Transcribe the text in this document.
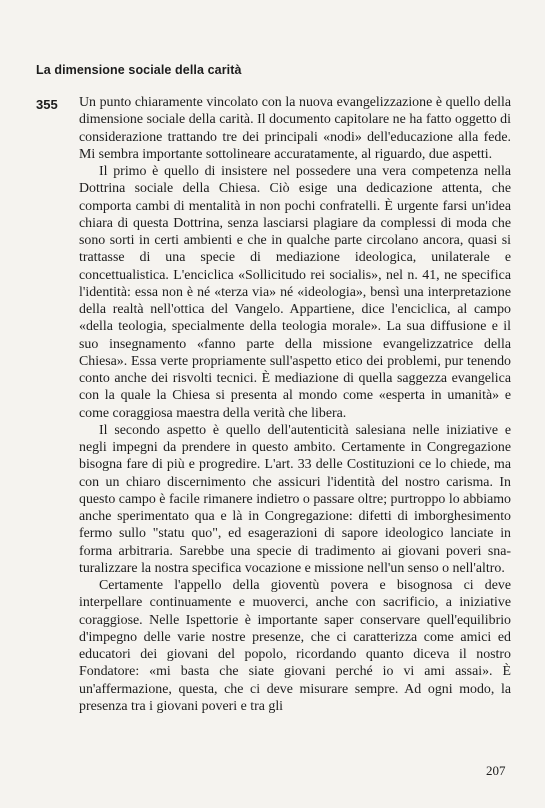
La dimensione sociale della carità
355 Un punto chiaramente vincolato con la nuova evangelizzazione è quello della dimensione sociale della carità. Il documento capitolare ne ha fatto oggetto di considerazione trattando tre dei principali «nodi» dell'educazione alla fede. Mi sembra importante sottolineare accuratamente, al riguardo, due aspetti.

Il primo è quello di insistere nel possedere una vera competenza nella Dottrina sociale della Chiesa. Ciò esige una dedicazione attenta, che comporta cambi di mentalità in non pochi confratelli. È urgente farsi un'idea chiara di questa Dottrina, senza lasciarsi plagiare da complessi di moda che sono sorti in certi ambienti e che in qualche parte circolano ancora, quasi si trattasse di una specie di mediazione ideologica, unilaterale e concettualistica. L'enciclica «Sollicitudo rei socialis», nel n. 41, ne specifica l'identità: essa non è né «terza via» né «ideologia», bensì una interpretazione della realtà nell'ottica del Vangelo. Appartiene, dice l'enciclica, al campo «della teologia, specialmente della teologia morale». La sua diffusione e il suo insegnamento «fanno parte della missione evangelizzatrice della Chiesa». Essa verte propriamente sull'aspetto etico dei problemi, pur tenendo conto anche dei risvolti tecnici. È mediazione di quella saggezza evangelica con la quale la Chiesa si presenta al mondo come «esperta in umanità» e come coraggiosa maestra della verità che libera.

Il secondo aspetto è quello dell'autenticità salesiana nelle iniziative e negli impegni da prendere in questo ambito. Certamente in Congregazione bisogna fare di più e progredire. L'art. 33 delle Costituzioni ce lo chiede, ma con un chiaro discernimento che assicuri l'identità del nostro carisma. In questo campo è facile rimanere indietro o passare oltre; purtroppo lo abbiamo anche sperimentato qua e là in Congregazione: difetti di imborghesimento fermo sullo "statu quo", ed esagerazioni di sapore ideologico lanciate in forma arbitraria. Sarebbe una specie di tradimento ai giovani poveri snaturalizzare la nostra specifica vocazione e missione nell'un senso o nell'altro.

Certamente l'appello della gioventù povera e bisognosa ci deve interpellare continuamente e muoverci, anche con sacrificio, a iniziative coraggiose. Nelle Ispettorie è importante saper conservare quell'equilibrio d'impegno delle varie nostre presenze, che ci caratterizza come amici ed educatori dei giovani del popolo, ricordando quanto diceva il nostro Fondatore: «mi basta che siate giovani perché io vi ami assai». È un'affermazione, questa, che ci deve misurare sempre. Ad ogni modo, la presenza tra i giovani poveri e tra gli

207
